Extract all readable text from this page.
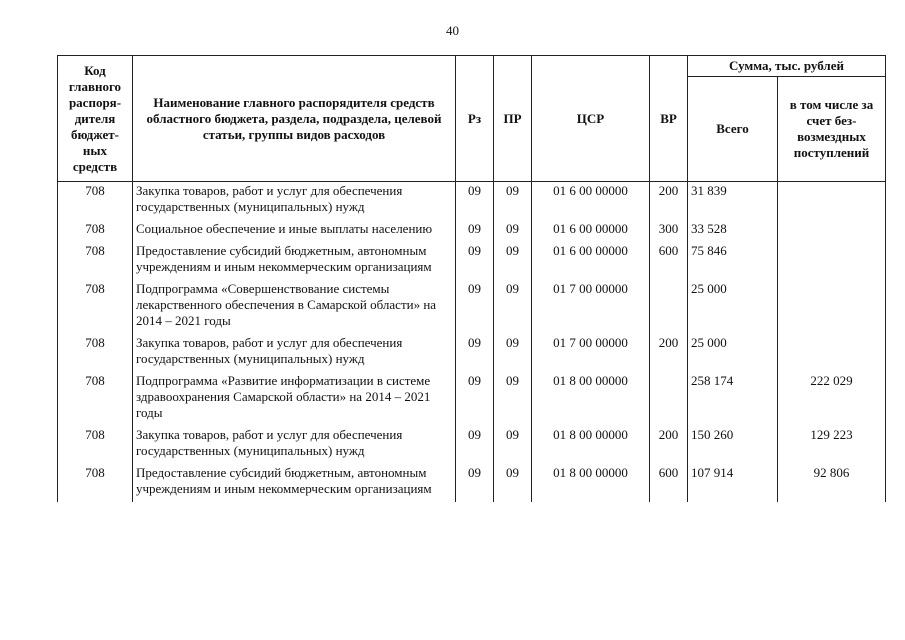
40
Код главного распоря-дителя бюджет-ных средств	Наименование главного распорядителя средств областного бюджета, раздела, подраздела, целевой статьи, группы видов расходов	Рз	ПР	ЦСР	ВР	Сумма, тыс. рублей	
						Всего	в том числе за счет без-возмездных поступлений
708	Закупка товаров, работ и услуг для обеспечения государственных (муниципальных) нужд	09	09	01 6 00 00000	200	31 839	
708	Социальное обеспечение и иные выплаты населению	09	09	01 6 00 00000	300	33 528	
708	Предоставление субсидий бюджетным, автономным учреждениям и иным некоммерческим организациям	09	09	01 6 00 00000	600	75 846	
708	Подпрограмма «Совершенствование системы лекарственного обеспечения в Самарской области» на 2014 – 2021 годы	09	09	01 7 00 00000		25 000	
708	Закупка товаров, работ и услуг для обеспечения государственных (муниципальных) нужд	09	09	01 7 00 00000	200	25 000	
708	Подпрограмма «Развитие информатизации в системе здравоохранения Самарской области» на 2014 – 2021 годы	09	09	01 8 00 00000		258 174	222 029
708	Закупка товаров, работ и услуг для обеспечения государственных (муниципальных) нужд	09	09	01 8 00 00000	200	150 260	129 223
708	Предоставление субсидий бюджетным, автономным учреждениям и иным некоммерческим организациям	09	09	01 8 00 00000	600	107 914	92 806
